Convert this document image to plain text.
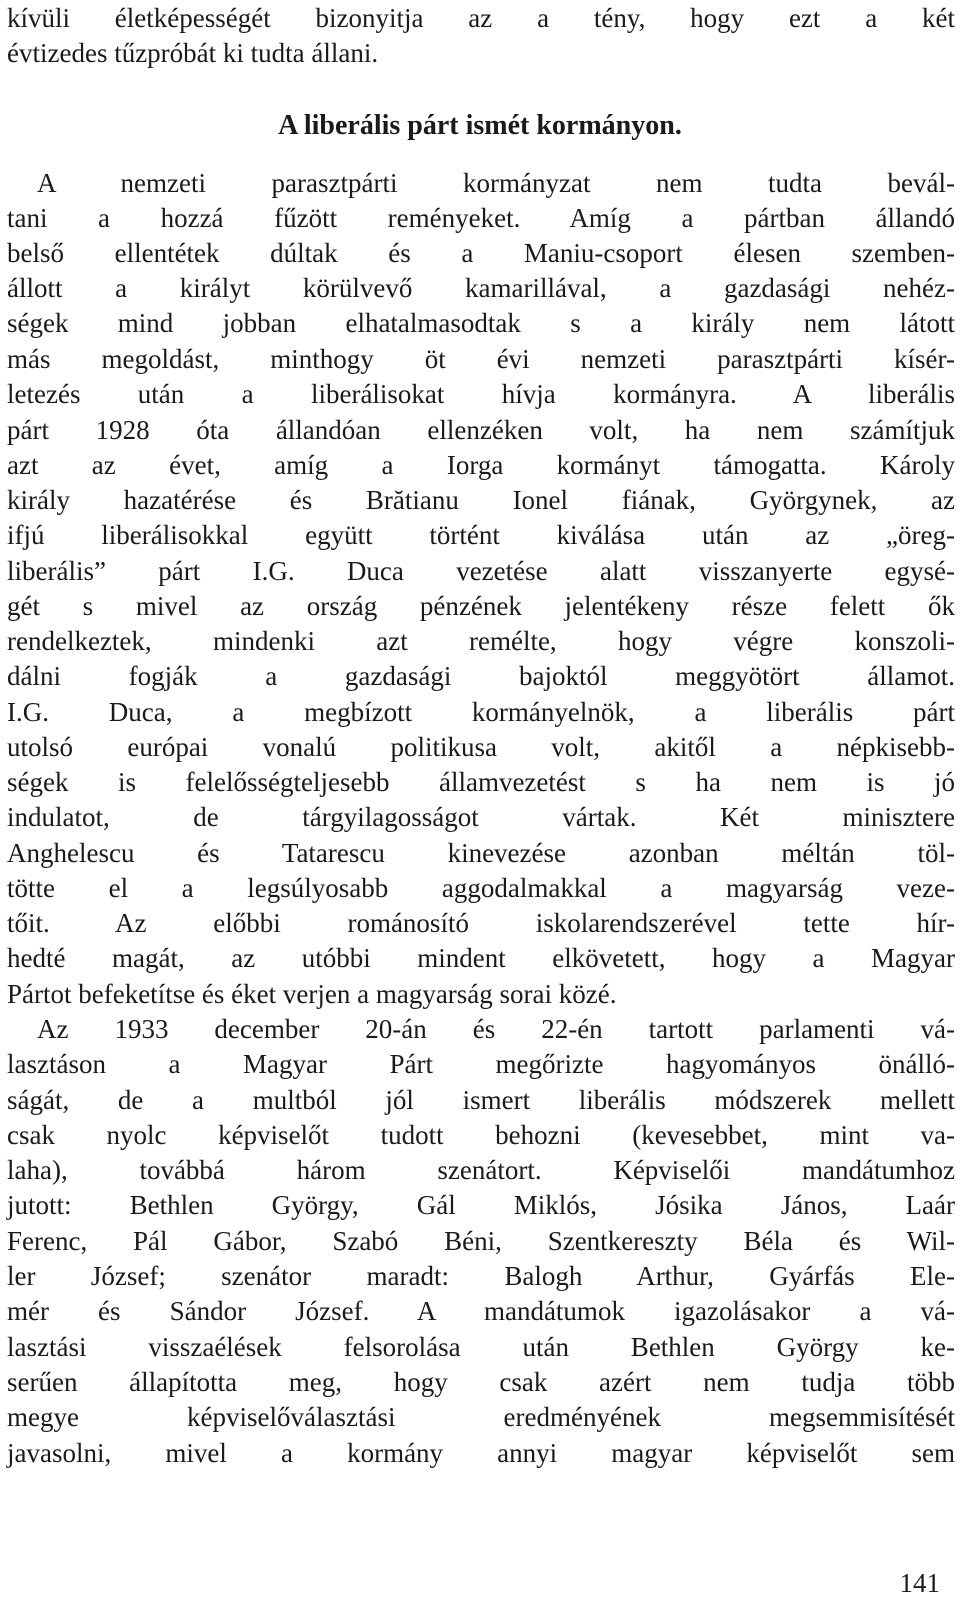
kívüli életképességét bizonyitja az a tény, hogy ezt a két
évtizedes tűzpróbát ki tudta állani.
A liberális párt ismét kormányon.
A nemzeti parasztpárti kormányzat nem tudta bevál-
tani a hozzá fűzött reményeket. Amíg a pártban állandó
belső ellentétek dúltak és a Maniu-csoport élesen szemben-
állott a királyt körülvevő kamarillával, a gazdasági nehéz-
ségek mind jobban elhatalmasodtak s a király nem látott
más megoldást, minthogy öt évi nemzeti parasztpárti kísér-
letezés után a liberálisokat hívja kormányra. A liberális
párt 1928 óta állandóan ellenzéken volt, ha nem számítjuk
azt az évet, amíg a Iorga kormányt támogatta. Károly
király hazatérése és Brătianu Ionel fiának, Györgynek, az
ifjú liberálisokkal együtt történt kiválása után az „öreg-
liberális” párt I.G. Duca vezetése alatt visszanyerte egysé-
gét s mivel az ország pénzének jelentékeny része felett ők
rendelkeztek, mindenki azt remélte, hogy végre konszoli-
dálni fogják a gazdasági bajoktól meggyötört államot.
I.G. Duca, a megbízott kormányelnök, a liberális párt
utolsó európai vonalú politikusa volt, akitől a népkisebb-
ségek is felelősségteljesebb államvezetést s ha nem is jó
indulatot, de tárgyilagosságot vártak. Két minisztere
Anghelescu és Tatarescu kinevezése azonban méltán töl-
tötte el a legsúlyosabb aggodalmakkal a magyarság veze-
tőit. Az előbbi románosító iskolarendszerével tette hír-
hedté magát, az utóbbi mindent elkövetett, hogy a Magyar
Pártot befeketítse és éket verjen a magyarság sorai közé.
Az 1933 december 20-án és 22-én tartott parlamenti vá-
lasztáson a Magyar Párt megőrizte hagyományos önálló-
ságát, de a multból jól ismert liberális módszerek mellett
csak nyolc képviselőt tudott behozni (kevesebbet, mint va-
laha), továbbá három szenátort. Képviselői mandátumhoz
jutott: Bethlen György, Gál Miklós, Jósika János, Laár
Ferenc, Pál Gábor, Szabó Béni, Szentkereszty Béla és Wil-
ler József; szenátor maradt: Balogh Arthur, Gyárfás Ele-
mér és Sándor József. A mandátumok igazolásakor a vá-
lasztási visszaélések felsorolása után Bethlen György ke-
serűen állapította meg, hogy csak azért nem tudja több
megye képviselőválasztási eredményének megsemmisítését
javasolni, mivel a kormány annyi magyar képviselőt sem
141
